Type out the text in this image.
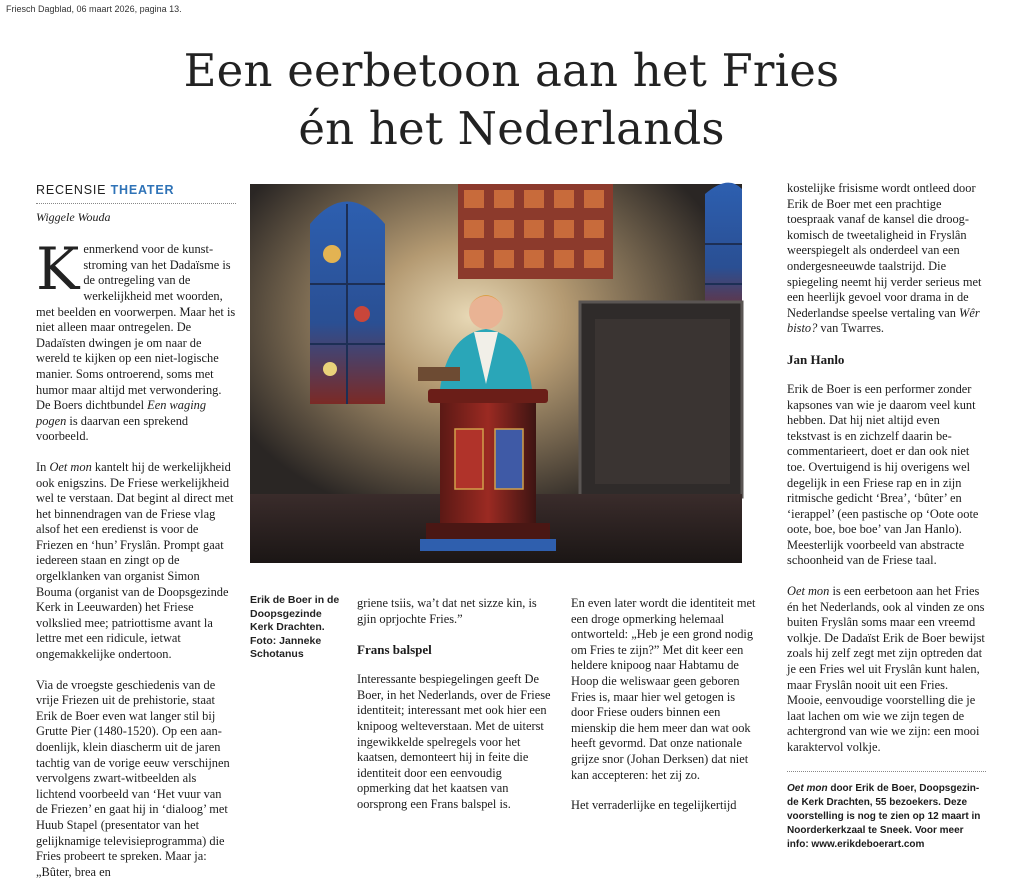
Friesch Dagblad, 06 maart 2026, pagina 13.
Een eerbetoon aan het Fries
én het Nederlands
RECENSIE THEATER
Wiggele Wouda

Kenmerkend voor de kunststroming van het Dadaïsme is de ontregeling van de werkelijkheid met woorden, met beelden en voorwerpen. Maar het is niet alleen maar ontregelen. De Dadaïsten dwingen je om naar de wereld te kijken op een niet-logische manier. Soms ontroerend, soms met humor maar altijd met verwondering. De Boers dichtbundel Een waging pogen is daarvan een sprekend voorbeeld.

In Oet mon kantelt hij de werkelijkheid ook enigszins. De Friese werkelijkheid wel te verstaan. Dat begint al direct met het binnendragen van de Friese vlag alsof het een eredienst is voor de Friezen en ‘hun’ Fryslân. Prompt gaat iedereen staan en zingt op de orgelklanken van organist Simon Bouma (organist van de Doopsgezinde Kerk in Leeuwarden) het Friese volkslied mee; patriottisme avant la lettre met een ridicule, ietwat ongemakkelijke ondertoon.

Via de vroegste geschiedenis van de vrije Friezen uit de prehistorie, staat Erik de Boer even wat langer stil bij Grutte Pier (1480-1520). Op een aandoenlijk, klein diascherm uit de jaren tachtig van de vorige eeuw verschijnen vervolgens zwart-witbeelden als lichtend voorbeeld van ‘Het vuur van de Friezen’ en gaat hij in ‘dialoog’ met Huub Stapel (presentator van het gelijknamige televisieprogramma) die Fries probeert te spreken. Maar ja: „Bûter, brea en

Erik de Boer in de Doopsgezinde Kerk Drachten. Foto: Janneke Schotanus

griene tsiis, wa’t dat net sizze kin, is gjin oprjochte Fries.”

Frans balspel

Interessante bespiegelingen geeft De Boer, in het Nederlands, over de Friese identiteit; interessant met ook hier een knipoog welteverstaan. Met de uiterst ingewikkelde spelregels voor het kaatsen, demonteert hij in feite die identiteit door een eenvoudig opmerking dat het kaatsen van oorsprong een Frans balspel is.

En even later wordt die identiteit met een droge opmerking helemaal ontworteld: „Heb je een grond nodig om Fries te zijn?” Met dit keer een heldere knipoog naar Habtamu de Hoop die weliswaar geen geboren Fries is, maar hier wel getogen is door Friese ouders binnen een mienskip die hem meer dan wat ook heeft gevormd. Dat onze nationale grijze snor (Johan Derksen) dat niet kan accepteren: het zij zo.

Het verraderlijke en tegelijkertijd

kostelijke frisisme wordt ontleed door Erik de Boer met een prachtige toespraak vanaf de kansel die droogkomisch de tweetaligheid in Fryslân weerspiegelt als onderdeel van een ondergesneeuwde taalstrijd. Die spiegeling neemt hij verder serieus met een heerlijk gevoel voor drama in de Nederlandse speelse vertaling van Wêr bisto? van Twarres.

Jan Hanlo

Erik de Boer is een performer zonder kapsones van wie je daarom veel kunt hebben. Dat hij niet altijd even tekstvast is en zichzelf daarin becommentarieert, doet er dan ook niet toe. Overtuigend is hij overigens wel degelijk in een Friese rap en in zijn ritmische gedicht ‘Brea’, ‘bûter’ en ‘ierappel’ (een pastische op ‘Oote oote oote, boe, boe boe’ van Jan Hanlo). Meesterlijk voorbeeld van abstracte schoonheid van de Friese taal.

Oet mon is een eerbetoon aan het Fries én het Nederlands, ook al vinden ze ons buiten Fryslân soms maar een vreemd volkje. De Dadaïst Erik de Boer bewijst zoals hij zelf zegt met zijn optreden dat je een Fries wel uit Fryslân kunt halen, maar Fryslân nooit uit een Fries. Mooie, eenvoudige voorstelling die je laat lachen om wie we zijn tegen de achtergrond van wie we zijn: een mooi karaktervol volkje.

Oet mon door Erik de Boer, Doopsgezinde Kerk Drachten, 55 bezoekers. Deze voorstelling is nog te zien op 12 maart in Noorderkerkzaal te Sneek. Voor meer info: www.erikdeboerart.com
